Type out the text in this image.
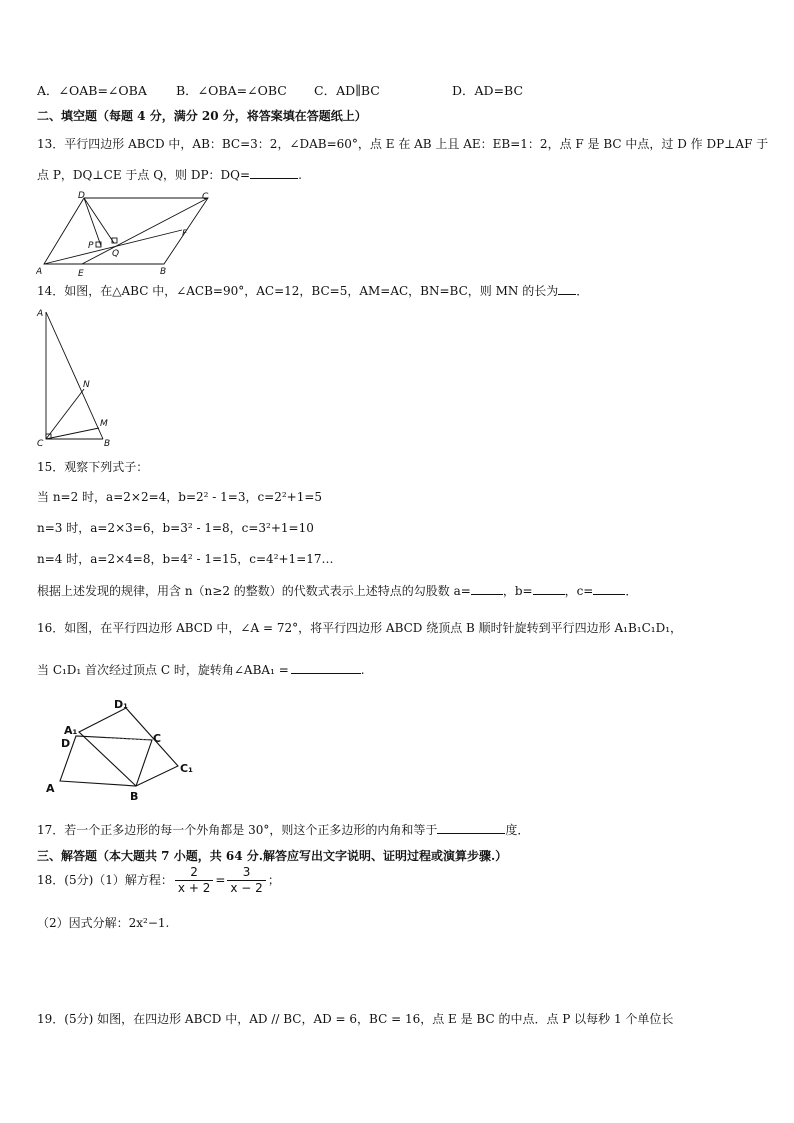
A．∠OAB=∠OBA B．∠OBA=∠OBC C．AD∥BC	D．AD=BC
二、填空题（每题 4 分，满分 20 分，将答案填在答题纸上）
13．平行四边形 ABCD 中，AB：BC=3：2，∠DAB=60°，点 E 在 AB 上且 AE：EB=1：2，点 F 是 BC 中点，过 D 作 DP⊥AF 于
点 P，DQ⊥CE 于点 Q，则 DP：DQ=	.
A	B
C
D
E
F
P
Q
14．如图，在△ABC 中，∠ACB=90°，AC=12，BC=5，AM=AC，BN=BC，则 MN 的长为 ．
A
B
C
M
N
15．观察下列式子：
当 n=2 时，a=2×2=4，b=2² - 1=3，c=2²+1=5
n=3 时，a=2×3=6，b=3² - 1=8，c=3²+1=10
n=4 时，a=2×4=8，b=4² - 1=15，c=4²+1=17…
根据上述发现的规律，用含 n（n≥2 的整数）的代数式表示上述特点的勾股数 a=	，b=	，c=	．
16．如图，在平行四边形 ABCD 中，∠A = 72°，将平行四边形 ABCD 绕顶点 B 顺时针旋转到平行四边形 A₁B₁C₁D₁，
当 C₁D₁ 首次经过顶点 C 时，旋转角∠ABA₁ =	.
A
B
C
D
A₁
C₁
D₁
17．若一个正多边形的每一个外角都是 30°，则这个正多边形的内角和等于	度．
三、解答题（本大题共 7 小题，共 64 分.解答应写出文字说明、证明过程或演算步骤.）
18．(5分)（1）解方程： $\frac{2}{x + 2} = \frac{3}{x - 2}$ ；
（2）因式分解：2x²−1.
19．(5分) 如图，在四边形 ABCD 中，AD // BC，AD = 6，BC = 16，点 E 是 BC 的中点．点 P 以每秒 1 个单位长
